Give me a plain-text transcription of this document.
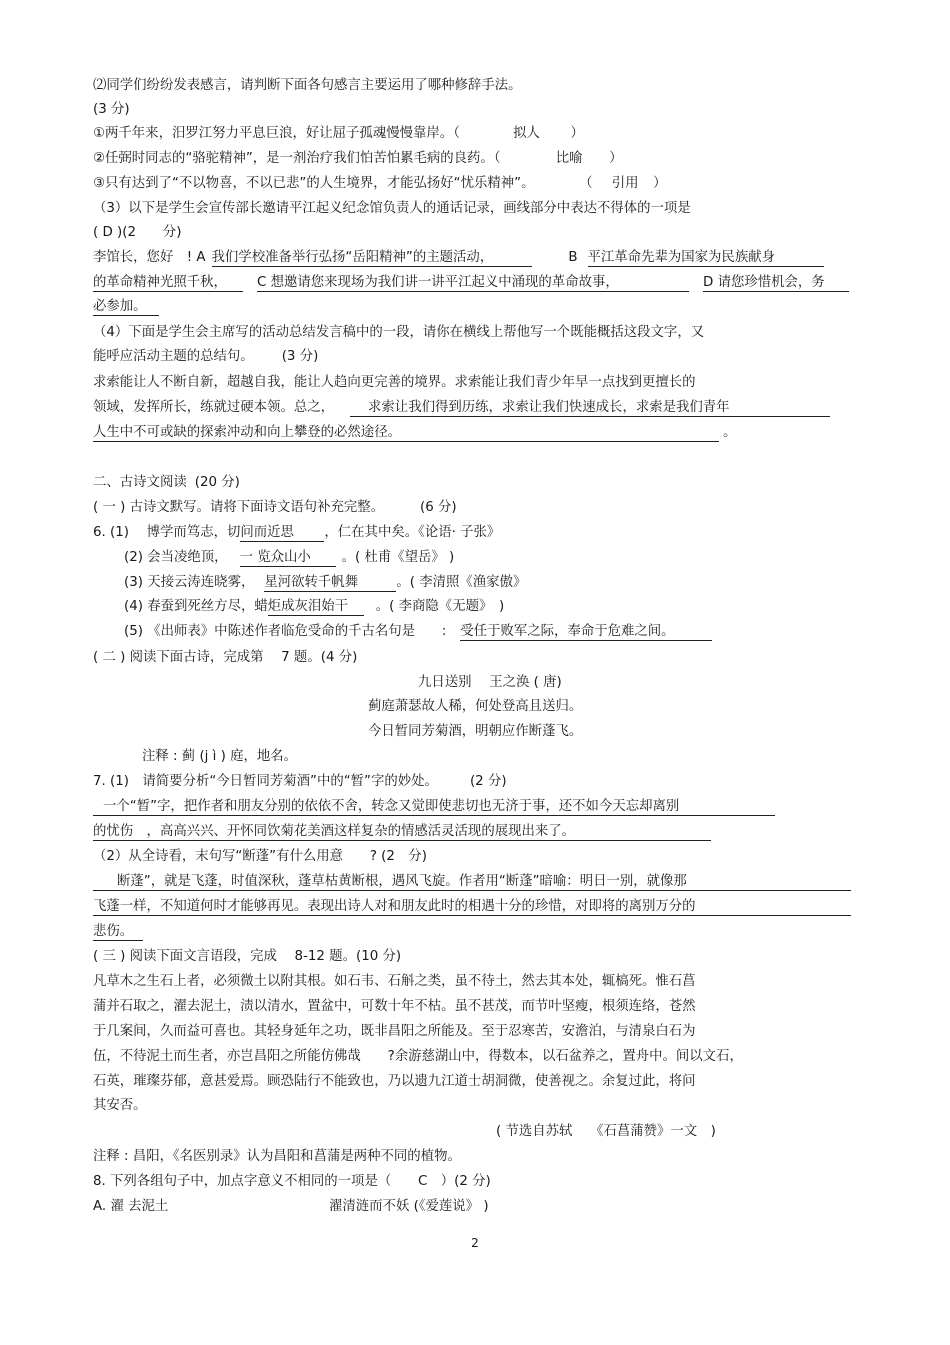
⑵同学们纷纷发表感言，请判断下面各句感言主要运用了哪种修辞手法。
(3 分)
①两千年来，汨罗江努力平息巨浪，好让屈子孤魂慢慢靠岸。（	拟人 ）
②任弼时同志的“骆驼精神”，是一剂治疗我们怕苦怕累毛病的良药。（	比喻 ）
③只有达到了“不以物喜，不以已悲”的人生境界，才能弘扬好“忧乐精神”。	（ 引用 ）
（3）以下是学生会宣传部长邀请平江起义纪念馆负责人的通话记录，画线部分中表达不得体的一项是
( D )(2　　分)
李馆长，您好　! A 我们学校准备举行弘扬“岳阳精神”的主题活动，	B 平江革命先辈为国家为民族献身
的革命精神光照千秋， C 想邀请您来现场为我们讲一讲平江起义中涌现的革命故事，	D 请您珍惜机会，务
必参加。
（4）下面是学生会主席写的活动总结发言稿中的一段，请你在横线上帮他写一个既能概括这段文字，又
能呼应活动主题的总结句。 (3 分)
求索能让人不断自新，超越自我，能让人趋向更完善的境界。求索能让我们青少年早一点找到更擅长的
领域，发挥所长，练就过硬本领。总之，	求索让我们得到历练，求索让我们快速成长，求索是我们青年
人生中不可或缺的探索冲动和向上攀登的必然途径。	。
二、古诗文阅读 (20 分)
( 一 ) 古诗文默写。请将下面诗文语句补充完整。	(6 分)
6. (1)　 博学而笃志，切问而近思 ，仁在其中矣。《论语· 子张》
(2) 会当凌绝顶， 一 览众山小 。( 杜甫《望岳》 )
(3) 天接云涛连晓雾， 星河欲转千帆舞	。( 李清照《渔家傲》
(4) 春蚕到死丝方尽，蜡炬成灰泪始干 。( 李商隐《无题》　)
(5) 《出师表》中陈述作者临危受命的千古名句是　　: 受任于败军之际，奉命于危难之间。
( 二 ) 阅读下面古诗，完成第　 7 题。(4 分)
九日送别　 王之涣 ( 唐)
蓟庭萧瑟故人稀，何处登高且送归。
今日暂同芳菊酒，明朝应作断蓬飞。
注释 : 蓟 (j ì ) 庭，地名。
7. (1)　请简要分析“今日暂同芳菊酒”中的“暂”字的妙处。 (2 分)
一个“暂”字，把作者和朋友分别的依依不舍，转念又觉即使悲切也无济于事，还不如今天忘却离别
的忧伤　，高高兴兴、开怀同饮菊花美酒这样复杂的情感活灵活现的展现出来了。
（2）从全诗看，末句写“断蓬”有什么用意　　? (2　分)
断蓬”，就是飞蓬，时值深秋，蓬草枯黄断根，遇风飞旋。作者用“断蓬”暗喻：明日一别，就像那
飞蓬一样，不知道何时才能够再见。表现出诗人对和朋友此时的相遇十分的珍惜，对即将的离别万分的
悲伤。
( 三 ) 阅读下面文言语段，完成　 8-12 题。(10 分)
凡草木之生石上者，必须微土以附其根。如石韦、石斛之类，虽不待土，然去其本处，辄槁死。惟石菖
蒲并石取之，濯去泥土，渍以清水，置盆中，可数十年不枯。虽不甚茂，而节叶坚瘦，根须连络，苍然
于几案间，久而益可喜也。其轻身延年之功，既非昌阳之所能及。至于忍寒苦，安澹泊，与清泉白石为
伍，不待泥土而生者，亦岂昌阳之所能仿佛哉　　?余游慈湖山中，得数本，以石盆养之，置舟中。间以文石，
石英，璀璨芬郁，意甚爱焉。顾恐陆行不能致也，乃以遗九江道士胡洞微，使善视之。余复过此，将问
其安否。
( 节选自苏轼　 《石菖蒲赞》一文　)
注释 : 昌阳，《名医别录》认为昌阳和菖蒲是两种不同的植物。
8. 下列各组句子中，加点字意义不相同的一项是（　　C　）(2 分)
A. 濯 去泥土	濯清涟而不妖 (《爱莲说》 )
2
